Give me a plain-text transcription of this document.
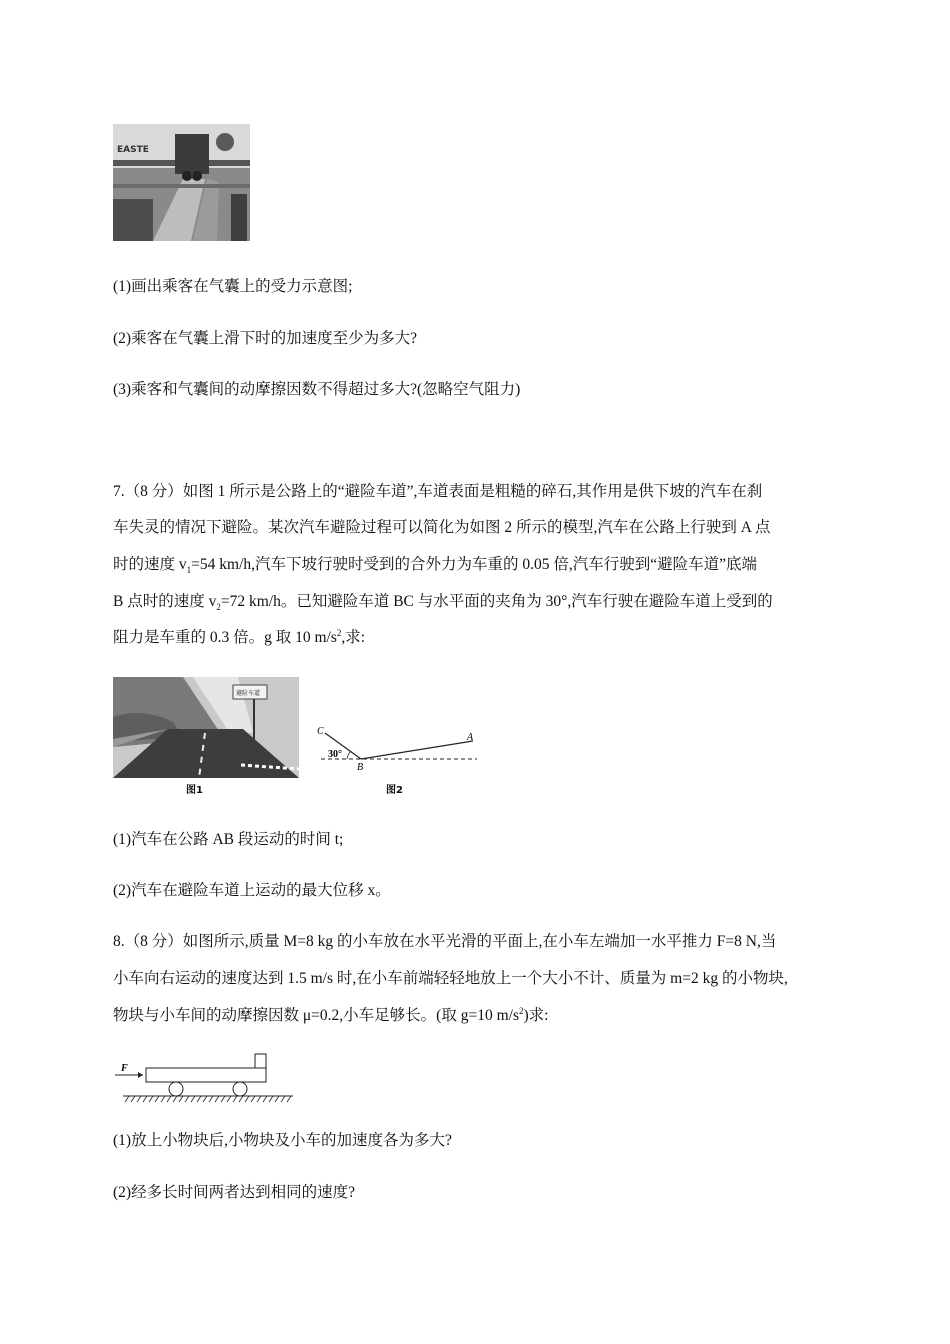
EASTE
(1)画出乘客在气囊上的受力示意图;
(2)乘客在气囊上滑下时的加速度至少为多大?
(3)乘客和气囊间的动摩擦因数不得超过多大?(忽略空气阻力)
7.（8 分）如图 1 所示是公路上的“避险车道”,车道表面是粗糙的碎石,其作用是供下坡的汽车在刹
车失灵的情况下避险。某次汽车避险过程可以简化为如图 2 所示的模型,汽车在公路上行驶到 A 点
时的速度 $v_1=54$ km/h,汽车下坡行驶时受到的合外力为车重的 0.05 倍,汽车行驶到“避险车道”底端
B 点时的速度 $v_2=72$ km/h。已知避险车道 BC 与水平面的夹角为 30°,汽车行驶在避险车道上受到的
阻力是车重的 0.3 倍。g 取 10 $m/s^2$,求:
避险车道
图1
C
30°
B
A
图2
(1)汽车在公路 AB 段运动的时间 t;
(2)汽车在避险车道上运动的最大位移 x。
8.（8 分）如图所示,质量 M=8 kg 的小车放在水平光滑的平面上,在小车左端加一水平推力 F=8 N,当
小车向右运动的速度达到 1.5 m/s 时,在小车前端轻轻地放上一个大小不计、质量为 m=2 kg 的小物块,
物块与小车间的动摩擦因数 μ=0.2,小车足够长。(取 g=10 $m/s^2$)求:
F
(1)放上小物块后,小物块及小车的加速度各为多大?
(2)经多长时间两者达到相同的速度?
